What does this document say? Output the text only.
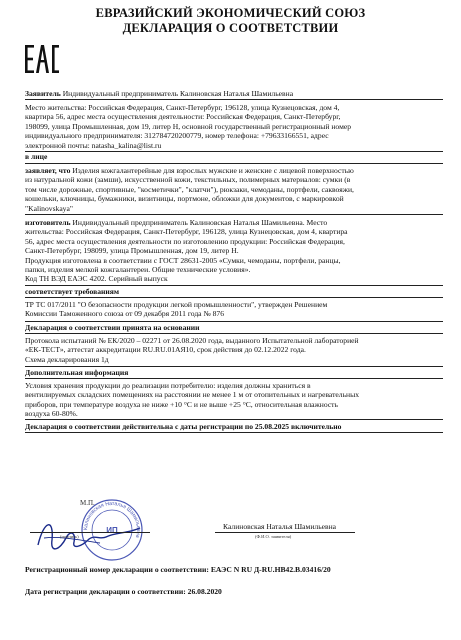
ЕВРАЗИЙСКИЙ ЭКОНОМИЧЕСКИЙ СОЮЗ
ДЕКЛАРАЦИЯ О СООТВЕТСТВИИ
Заявитель Индивидуальный предприниматель Калиновская Наталья Шамильевна
Место жительства: Российская Федерация, Санкт-Петербург, 196128, улица Кузнецовская, дом 4,
квартира 56, адрес места осуществления деятельности: Российская Федерация, Санкт-Петербург,
198099, улица Промышленная, дом 19, литер Н, основной государственный регистрационный номер
индивидуального предпринимателя: 312784720200779, номер телефона: +79633166551, адрес
электронной почты: natasha_kalina@list.ru
в лице
заявляет, что Изделия кожгалантерейные для взрослых мужские и женские с лицевой поверхностью
из натуральной кожи (замши), искусственной кожи, текстильных, полимерных материалов: сумки (в
том числе дорожные, спортивные, "косметички", "клатчи"), рюкзаки, чемоданы, портфели, саквояжи,
кошельки, ключницы, бумажники, визитницы, портмоне, обложки для документов, с маркировкой
"Kalinovskaya"
изготовитель Индивидуальный предприниматель Калиновская Наталья Шамильевна. Место
жительства: Российская Федерация, Санкт-Петербург, 196128, улица Кузнецовская, дом 4, квартира
56, адрес места осуществления деятельности по изготовлению продукции: Российская Федерация,
Санкт-Петербург, 198099, улица Промышленная, дом 19, литер Н.
Продукция изготовлена в соответствии с ГОСТ 28631-2005 «Сумки, чемоданы, портфели, ранцы,
папки, изделия мелкой кожгалантереи. Общие технические условия».
Код ТН ВЭД ЕАЭС 4202. Серийный выпуск
соответствует требованиям
ТР ТС 017/2011 "О безопасности продукции легкой промышленности", утвержден Решением
Комиссии Таможенного союза от 09 декабря 2011 года № 876
Декларация о соответствии принята на основании
Протокола испытаний № ЕК/2020 – 02271 от 26.08.2020 года, выданного Испытательной лабораторией
«ЕК-ТЕСТ», аттестат аккредитации RU.RU.01АЯ10, срок действия до 02.12.2022 года.
Схема декларирования 1д
Дополнительная информация
Условия хранения продукции до реализации потребителю: изделия должны храниться в
вентилируемых складских помещениях на расстоянии не менее 1 м от отопительных и нагревательных
приборов, при температуре воздуха не ниже +10 °С и не выше +25 °С, относительная влажность
воздуха 60-80%.
Декларация о соответствии действительна с даты регистрации по 25.08.2025 включительно
Калиновская Наталья Шамильевна
ИП
М.П.
(подпись)
Калиновская Наталья Шамильевна
(Ф.И.О. заявителя)
Регистрационный номер декларации о соответствии: ЕАЭС N RU Д-RU.НВ42.В.03416/20
Дата регистрации декларации о соответствии: 26.08.2020
